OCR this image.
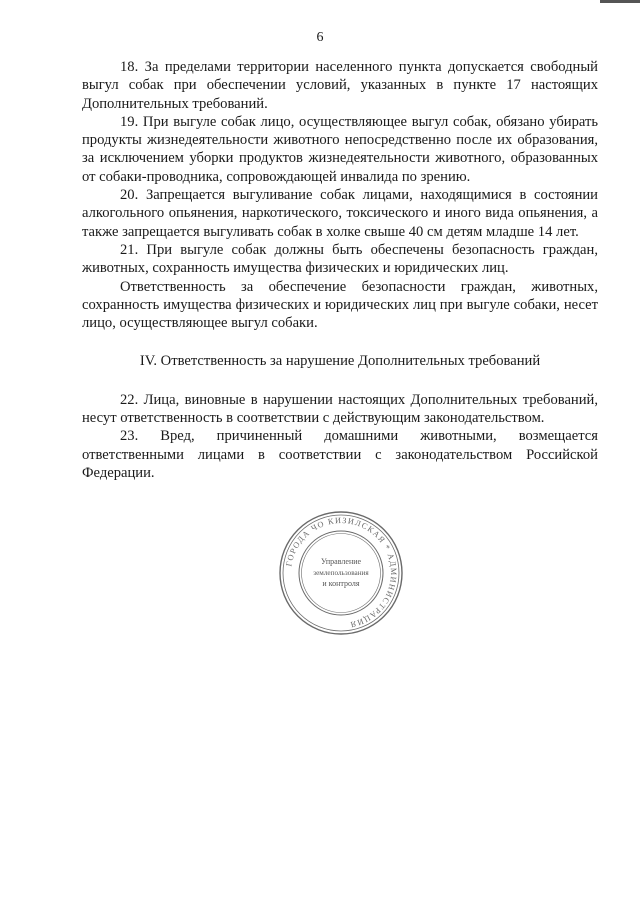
6

18. За пределами территории населенного пункта допускается свободный выгул собак при обеспечении условий, указанных в пункте 17 настоящих Дополнительных требований.

19. При выгуле собак лицо, осуществляющее выгул собак, обязано убирать продукты жизнедеятельности животного непосредственно после их образования, за исключением уборки продуктов жизнедеятельности животного, образованных от собаки-проводника, сопровождающей инвалида по зрению.

20. Запрещается выгуливание собак лицами, находящимися в состоянии алкогольного опьянения, наркотического, токсического и иного вида опьянения, а также запрещается выгуливать собак в холке свыше 40 см детям младше 14 лет.

21. При выгуле собак должны быть обеспечены безопасность граждан, животных, сохранность имущества физических и юридических лиц.

Ответственность за обеспечение безопасности граждан, животных, сохранность имущества физических и юридических лиц при выгуле собаки, несет лицо, осуществляющее выгул собаки.

IV. Ответственность за нарушение Дополнительных требований

22. Лица, виновные в нарушении настоящих Дополнительных требований, несут ответственность в соответствии с действующим законодательством.

23. Вред, причиненный домашними животными, возмещается ответственными лицами в соответствии с законодательством Российской Федерации.

ГОРОДА ЧО КИЗИЛСКАЯ * АДМИНИСТРАЦИЯ
Управление
землепользования
и контроля
